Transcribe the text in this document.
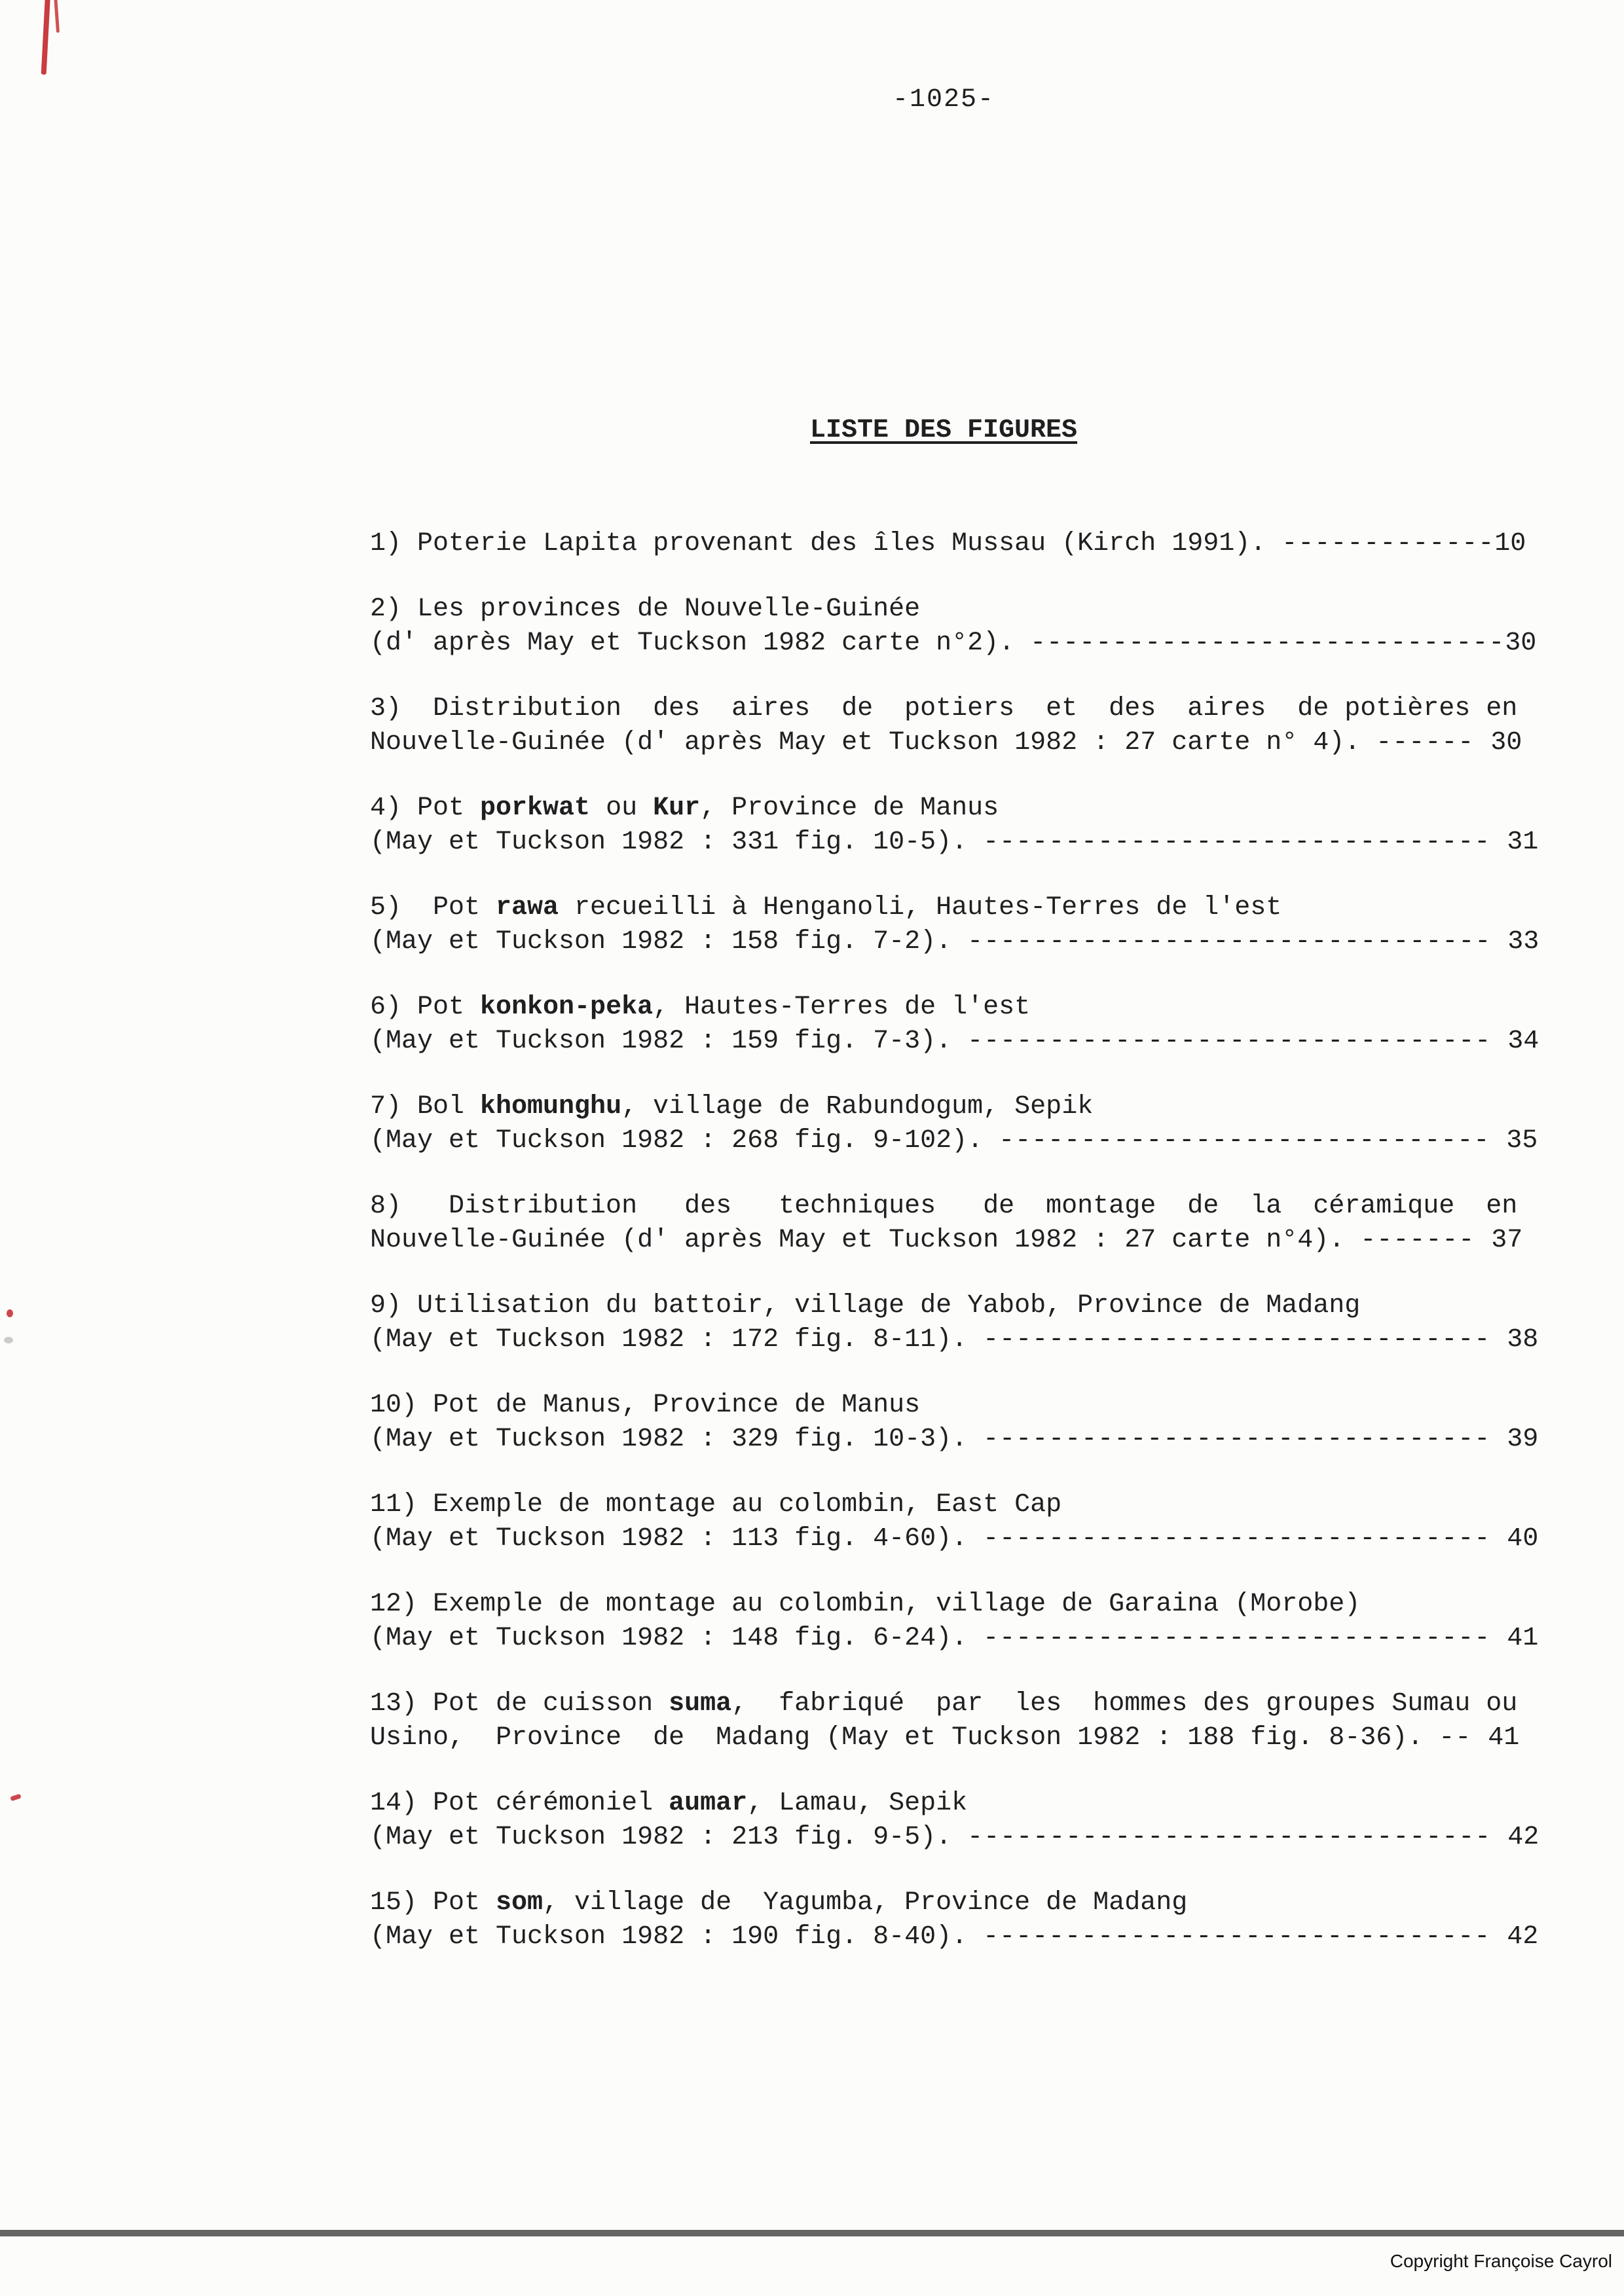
-1025-
LISTE DES FIGURES
1) Poterie Lapita provenant des îles Mussau (Kirch 1991). -------------10
2) Les provinces de Nouvelle-Guinée
(d' après May et Tuckson 1982 carte n°2). -----------------------------30
3)  Distribution  des  aires  de  potiers  et  des  aires  de potières en
Nouvelle-Guinée (d' après May et Tuckson 1982 : 27 carte n° 4). ------ 30
4) Pot porkwat ou Kur, Province de Manus
(May et Tuckson 1982 : 331 fig. 10-5). ------------------------------- 31
5)  Pot rawa recueilli à Henganoli, Hautes-Terres de l'est
(May et Tuckson 1982 : 158 fig. 7-2). -------------------------------- 33
6) Pot konkon-peka, Hautes-Terres de l'est
(May et Tuckson 1982 : 159 fig. 7-3). -------------------------------- 34
7) Bol khomunghu, village de Rabundogum, Sepik
(May et Tuckson 1982 : 268 fig. 9-102). ------------------------------ 35
8)   Distribution   des   techniques   de  montage  de  la  céramique  en
Nouvelle-Guinée (d' après May et Tuckson 1982 : 27 carte n°4). ------- 37
9) Utilisation du battoir, village de Yabob, Province de Madang
(May et Tuckson 1982 : 172 fig. 8-11). ------------------------------- 38
10) Pot de Manus, Province de Manus
(May et Tuckson 1982 : 329 fig. 10-3). ------------------------------- 39
11) Exemple de montage au colombin, East Cap
(May et Tuckson 1982 : 113 fig. 4-60). ------------------------------- 40
12) Exemple de montage au colombin, village de Garaina (Morobe)
(May et Tuckson 1982 : 148 fig. 6-24). ------------------------------- 41
13) Pot de cuisson suma,  fabriqué  par  les  hommes des groupes Sumau ou
Usino,  Province  de  Madang (May et Tuckson 1982 : 188 fig. 8-36). -- 41
14) Pot cérémoniel aumar, Lamau, Sepik
(May et Tuckson 1982 : 213 fig. 9-5). -------------------------------- 42
15) Pot som, village de  Yagumba, Province de Madang
(May et Tuckson 1982 : 190 fig. 8-40). ------------------------------- 42
Copyright Françoise Cayrol
